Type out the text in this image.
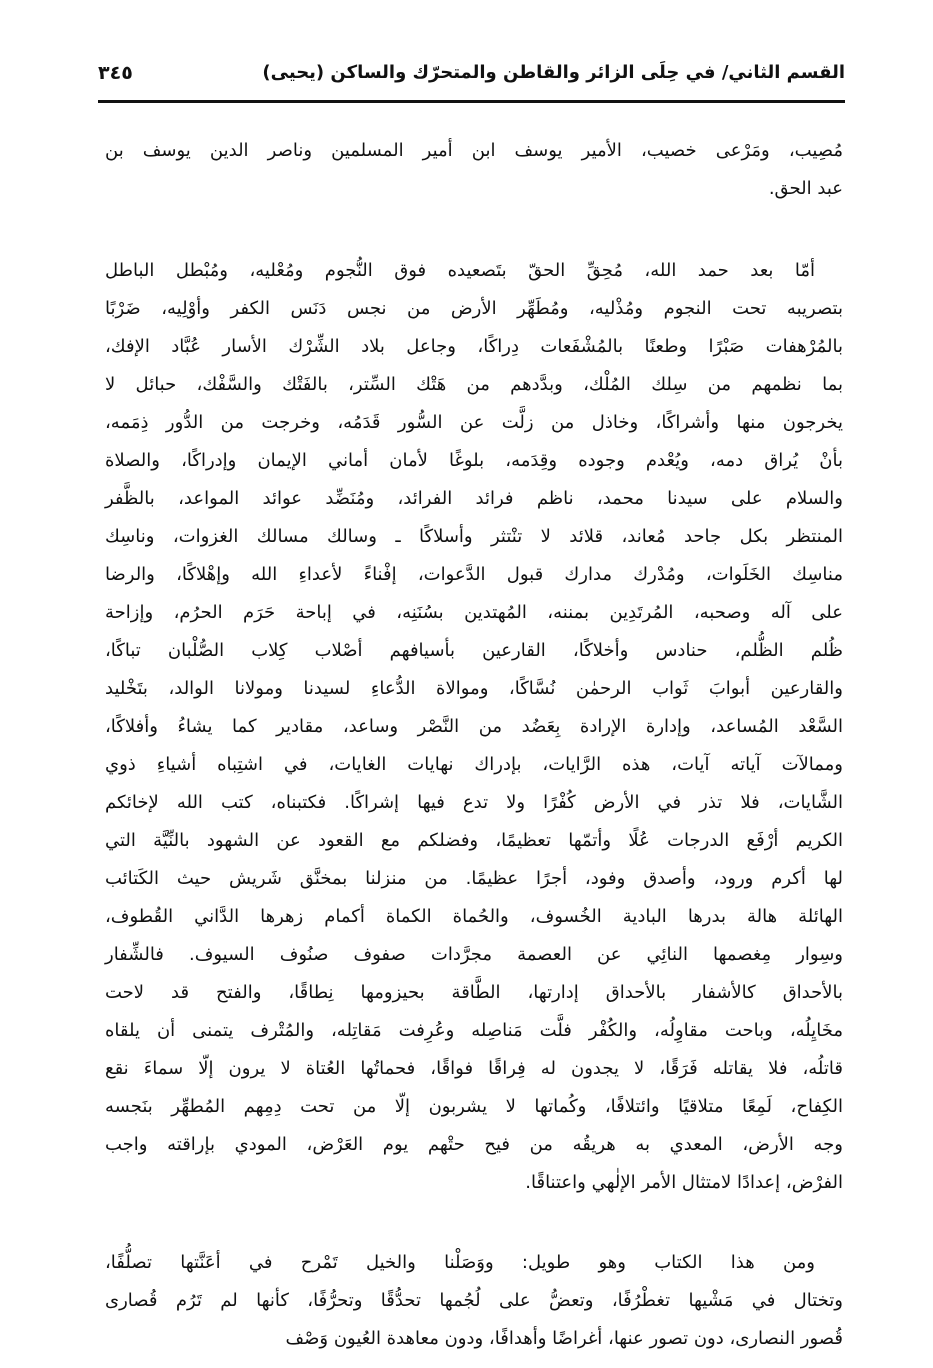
القسم الثاني/ في حِلَى الزائر والقاطن والمتحرّك والساكن (يحيى)
٣٤٥
مُصِيب، ومَرْعى خصيب، الأمير يوسف ابن أمير المسلمين وناصر الدين يوسف بن
عبد الحق.
أمّا بعد حمد الله، مُحِقِّ الحقّ بتَصعيده فوق النُّجوم ومُعْليه، ومُبْطل الباطل
بتصريبه تحت النجوم ومُذْليه، ومُطَهِّر الأرض من نجس دَنَس الكفر وأوْلِيه، ضَرْبًا
بالمُرْهفات صَبْرًا وطعنًا بالمُشْفَعات دِراكًا، وجاعل بلاد الشِّرْك الأسار عُبَّاد الإفك،
بما نظمهم من سِلك المُلْك، وبدَّدهم من هَتْك السِّتر، بالفَتْك والسَّفْك، حبائل لا
يخرجون منها وأشراكًا، وخاذل من زلَّت عن السُّور قَدَمُه، وخرجت من الدُّور ذِمَمه،
بأنْ يُراق دمه، ويُعْدم وجوده وقِدَمه، بلوغًا لأمان أماني الإيمان وإدراكًا، والصلاة
والسلام على سيدنا محمد، ناظم فرائد الفرائد، ومُنَضِّد عوائد المواعد، بالظَّفر
المنتظر بكل جاحد مُعاند، قلائد لا تنْتثر وأسلاكًا ـ وسالك مسالك الغزوات، وناسِك
مناسِك الخَلَوات، ومُدْرك مدارك قبول الدَّعوات، إفْناءً لأعداءِ الله وإهْلاكًا، والرضا
على آله وصحبه، المُرتَدِين بمننه، المُهتدين بسُنَنِه، في إباحة حَرَم الحرُم، وإزاحة
ظُلم الظُّلم، حنادس وأخلاكًا، القارعين بأسيافهم أصْلاب كِلاب الصُّلْبان تباكًا،
والقارعين أبوابَ ثَواب الرحمٰن نُسَّاكًا، وموالاة الدُّعاءِ لسيدنا ومولانا الوالد، بتَخْليد
السَّعْد المُساعد، وإدارة الإرادة بِعَضُد من النَّصْر وساعد، مقادير كما يشاءُ وأفلاكًا،
وممالآت آياته آيات، هذه الرَّايات، بإدراك نهايات الغايات، في اشتِباه أشياءِ ذوي
الشَّايات، فلا تذر في الأرض كُفْرًا ولا تدع فيها إشراكًا. فكتبناه، كتب الله لإخائكم
الكريم أرْفَع الدرجات عُلًا وأتمّها تعظيمًا، وفضلكم مع القعود عن الشهود بالنِّيَّة التي
لها أكرم ورود، وأصدق وفود، أجرًا عظيمًا. من منزلنا بمخنَّق شَريش حيث الكَتائب
الهائلة هالة بدرها البادية الخُسوف، والحُماة الكماة أكمام زهرها الدَّاني القُطوف،
وسِوار مِغصمها النائِي عن العصمة مجرَّدات صفوف صنُوف السيوف. فالشِّفار
بالأحداق كالأشفار بالأحداق إدارتها، الطَّاقة بحيزومها نِطاقًا، والفتح قد لاحت
مخَايِلُه، وباحت مقاوِلُه، والكُفْر فلَّت مَناصِله وعُرِفت مَقاتِله، والمُتْرف يتمنى أن يلقاه
قاتلُه، فلا يقاتله فَرَقًا، لا يجدون له فِراقًا فواقًا، فحماتُها العُتاة لا يرون إلّا سماءَ نقع
الكِفاح، لَمِعًا متلاقيًا وائتلافًا، وكُماتها لا يشربون إلّا من تحت دِمِهم المُطهِّر بنَجسه
وجه الأرض، المعدي به هريقُه من فيح حتْهم يوم العَرْض، المودي بإراقته واجب
الفرْض، إعدادًا لامتثال الأمر الإلٰهي واعتناقًا.
ومن هذا الكتاب وهو طويل: ووَصَلْنا والخيل تَمْرح في أعَنَّتها تصلُّفًا،
وتختال في مَشْيها تغطْرُفًا، وتعضُّ على لُجُمها تحدُّقًا وتحرُّفًا، كأنها لم تَرُم قُصارى
قُصور النصارى، دون تصور عنها، أغراضًا وأهدافًا، ودون معاهدة العُيون وَصْف
